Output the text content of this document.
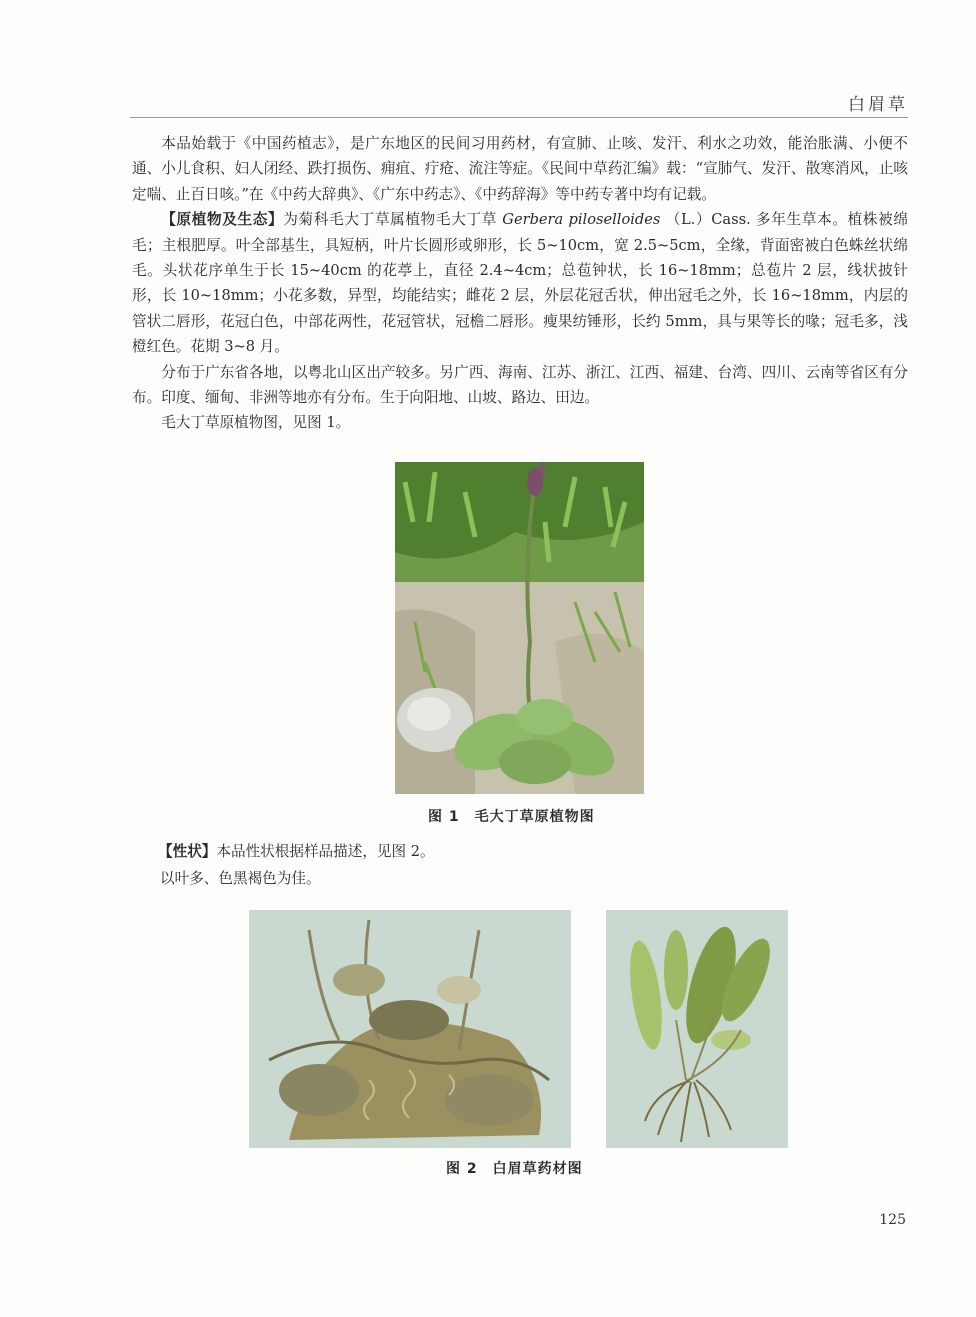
白眉草

本品始载于《中国药植志》，是广东地区的民间习用药材，有宣肺、止咳、发汗、利水之功效，能治胀满、小便不通、小儿食积、妇人闭经、跌打损伤、痈疽、疔疮、流注等症。《民间中草药汇编》载：“宣肺气、发汗、散寒消风，止咳定喘、止百日咳。”在《中药大辞典》、《广东中药志》、《中药辞海》等中药专著中均有记载。

【原植物及生态】为菊科毛大丁草属植物毛大丁草 Gerbera piloselloides （L.）Cass. 多年生草本。植株被绵毛；主根肥厚。叶全部基生，具短柄，叶片长圆形或卵形，长 5~10cm，宽 2.5~5cm，全缘，背面密被白色蛛丝状绵毛。头状花序单生于长 15~40cm 的花葶上，直径 2.4~4cm；总苞钟状，长 16~18mm；总苞片 2 层，线状披针形，长 10~18mm；小花多数，异型，均能结实；雌花 2 层，外层花冠舌状，伸出冠毛之外，长 16~18mm，内层的管状二唇形，花冠白色，中部花两性，花冠管状，冠檐二唇形。瘦果纺锤形，长约 5mm，具与果等长的喙；冠毛多，浅橙红色。花期 3~8 月。

分布于广东省各地，以粤北山区出产较多。另广西、海南、江苏、浙江、江西、福建、台湾、四川、云南等省区有分布。印度、缅甸、非洲等地亦有分布。生于向阳地、山坡、路边、田边。

毛大丁草原植物图，见图 1。

图 1　毛大丁草原植物图
【性状】本品性状根据样品描述，见图 2。
以叶多、色黑褐色为佳。
图 2　白眉草药材图
125
